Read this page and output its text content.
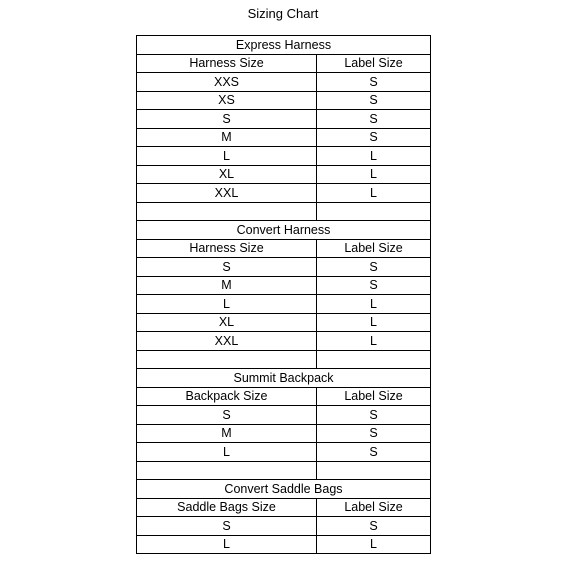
Sizing Chart
Express Harness	
Harness Size	Label Size
XXS	S
XS	S
S	S
M	S
L	L
XL	L
XXL	L

Convert Harness	
Harness Size	Label Size
S	S
M	S
L	L
XL	L
XXL	L

Summit Backpack	
Backpack Size	Label Size
S	S
M	S
L	S

Convert Saddle Bags	
Saddle Bags Size	Label Size
S	S
L	L
